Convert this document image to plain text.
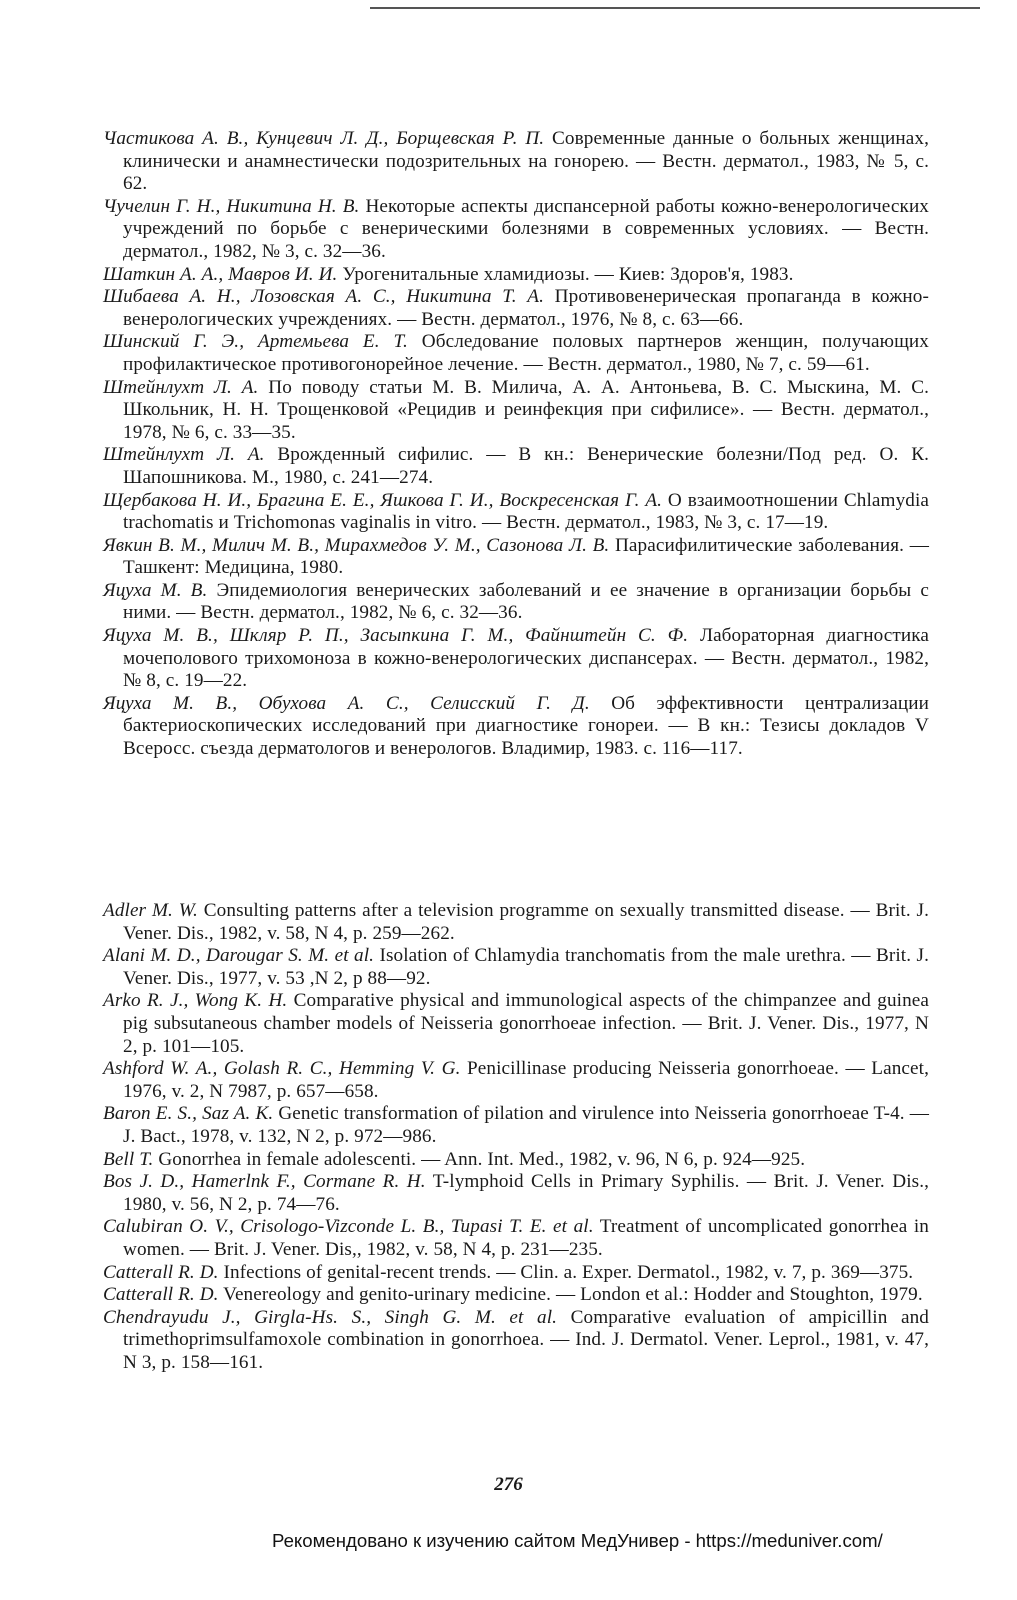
Частикова А. В., Кунцевич Л. Д., Борщевская Р. П. Современные данные о больных женщинах, клинически и анамнестически подозрительных на гонорею. — Вестн. дерматол., 1983, № 5, с. 62.

Чучелин Г. Н., Никитина Н. В. Некоторые аспекты диспансерной работы кожно-венерологических учреждений по борьбе с венерическими болезнями в современных условиях. — Вестн. дерматол., 1982, № 3, с. 32—36.

Шаткин А. А., Мавров И. И. Урогенитальные хламидиозы. — Киев: Здоров'я, 1983.

Шибаева А. Н., Лозовская А. С., Никитина Т. А. Противовенерическая пропаганда в кожно-венерологических учреждениях. — Вестн. дерматол., 1976, № 8, с. 63—66.

Шинский Г. Э., Артемьева Е. Т. Обследование половых партнеров женщин, получающих профилактическое противогонорейное лечение. — Вестн. дерматол., 1980, № 7, с. 59—61.

Штейнлухт Л. А. По поводу статьи М. В. Милича, А. А. Антоньева, В. С. Мыскина, М. С. Школьник, Н. Н. Трощенковой «Рецидив и реинфекция при сифилисе». — Вестн. дерматол., 1978, № 6, с. 33—35.

Штейнлухт Л. А. Врожденный сифилис. — В кн.: Венерические болезни/Под ред. О. К. Шапошникова. М., 1980, с. 241—274.

Щербакова Н. И., Брагина Е. Е., Яшкова Г. И., Воскресенская Г. А. О взаимоотношении Chlamydia trachomatis и Trichomonas vaginalis in vitro. — Вестн. дерматол., 1983, № 3, с. 17—19.

Явкин В. М., Милич М. В., Мирахмедов У. М., Сазонова Л. В. Парасифилитические заболевания. — Ташкент: Медицина, 1980.

Яцуха М. В. Эпидемиология венерических заболеваний и ее значение в организации борьбы с ними. — Вестн. дерматол., 1982, № 6, с. 32—36.

Яцуха М. В., Шкляр Р. П., Засыпкина Г. М., Файнштейн С. Ф. Лабораторная диагностика мочеполового трихомоноза в кожно-венерологических диспансерах. — Вестн. дерматол., 1982, № 8, с. 19—22.

Яцуха М. В., Обухова А. С., Селисский Г. Д. Об эффективности централизации бактериоскопических исследований при диагностике гонореи. — В кн.: Тезисы докладов V Всеросс. съезда дерматологов и венерологов. Владимир, 1983. с. 116—117.

Adler M. W. Consulting patterns after a television programme on sexually transmitted disease. — Brit. J. Vener. Dis., 1982, v. 58, N 4, p. 259—262.

Alani M. D., Darougar S. M. et al. Isolation of Chlamydia tranchomatis from the male urethra. — Brit. J. Vener. Dis., 1977, v. 53 ,N 2, p 88—92.

Arko R. J., Wong K. H. Comparative physical and immunological aspects of the chimpanzee and guinea pig subsutaneous chamber models of Neisseria gonorrhoeae infection. — Brit. J. Vener. Dis., 1977, N 2, p. 101—105.

Ashford W. A., Golash R. C., Hemming V. G. Penicillinase producing Neisseria gonorrhoeae. — Lancet, 1976, v. 2, N 7987, p. 657—658.

Baron E. S., Saz A. K. Genetic transformation of pilation and virulence into Neisseria gonorrhoeae T-4. — J. Bact., 1978, v. 132, N 2, p. 972—986.

Bell T. Gonorrhea in female adolescenti. — Ann. Int. Med., 1982, v. 96, N 6, p. 924—925.

Bos J. D., Hamerlnk F., Cormane R. H. T-lymphoid Cells in Primary Syphilis. — Brit. J. Vener. Dis., 1980, v. 56, N 2, p. 74—76.

Calubiran O. V., Crisologo-Vizconde L. B., Tupasi T. E. et al. Treatment of uncomplicated gonorrhea in women. — Brit. J. Vener. Dis,, 1982, v. 58, N 4, p. 231—235.

Catterall R. D. Infections of genital-recent trends. — Clin. a. Exper. Dermatol., 1982, v. 7, p. 369—375.

Catterall R. D. Venereology and genito-urinary medicine. — London et al.: Hodder and Stoughton, 1979.

Chendrayudu J., Girgla-Hs. S., Singh G. M. et al. Comparative evaluation of ampicillin and trimethoprimsulfamoxole combination in gonorrhoea. — Ind. J. Dermatol. Vener. Leprol., 1981, v. 47, N 3, p. 158—161.

276
Рекомендовано к изучению сайтом МедУнивер - https://meduniver.com/
